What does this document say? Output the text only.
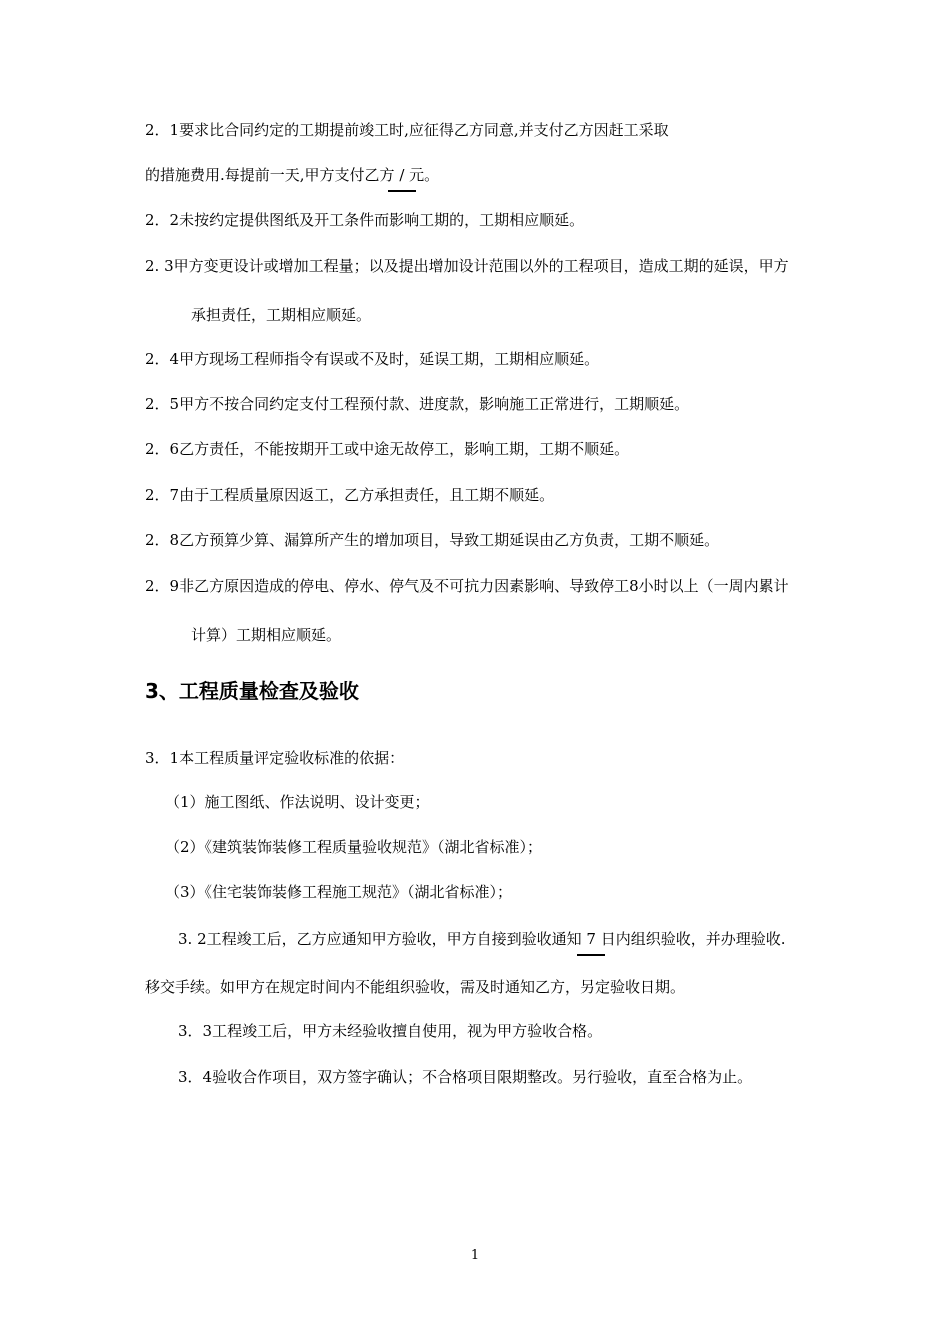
2．1要求比合同约定的工期提前竣工时,应征得乙方同意,并支付乙方因赶工采取
的措施费用.每提前一天,甲方支付乙方 / 元。
2．2未按约定提供图纸及开工条件而影响工期的，工期相应顺延。
2. 3甲方变更设计或增加工程量；以及提出增加设计范围以外的工程项目，造成工期的延误，甲方
承担责任，工期相应顺延。
2．4甲方现场工程师指令有误或不及时，延误工期，工期相应顺延。
2．5甲方不按合同约定支付工程预付款、进度款，影响施工正常进行，工期顺延。
2．6乙方责任，不能按期开工或中途无故停工，影响工期，工期不顺延。
2．7由于工程质量原因返工，乙方承担责任，且工期不顺延。
2．8乙方预算少算、漏算所产生的增加项目，导致工期延误由乙方负责，工期不顺延。
2．9非乙方原因造成的停电、停水、停气及不可抗力因素影响、导致停工8小时以上（一周内累计
计算）工期相应顺延。
3、工程质量检查及验收
3．1本工程质量评定验收标准的依据：
（1）施工图纸、作法说明、设计变更；
（2）《建筑装饰装修工程质量验收规范》（湖北省标准）；
（3）《住宅装饰装修工程施工规范》（湖北省标准）；
3. 2工程竣工后，乙方应通知甲方验收，甲方自接到验收通知 7 日内组织验收，并办理验收.
移交手续。如甲方在规定时间内不能组织验收，需及时通知乙方，另定验收日期。
3．3工程竣工后，甲方未经验收擅自使用，视为甲方验收合格。
3．4验收合作项目，双方签字确认；不合格项目限期整改。另行验收，直至合格为止。
1
